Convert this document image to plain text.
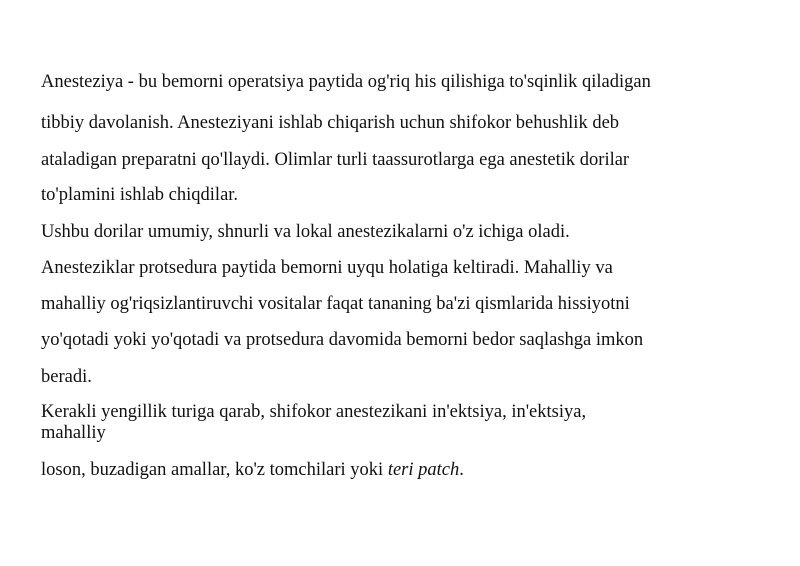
Anesteziya - bu bemorni operatsiya paytida og'riq his qilishiga to'sqinlik qiladigan
tibbiy davolanish. Anesteziyani ishlab chiqarish uchun shifokor behushlik deb
ataladigan preparatni qo'llaydi. Olimlar turli taassurotlarga ega anestetik dorilar
to'plamini ishlab chiqdilar.
Ushbu dorilar umumiy, shnurli va lokal anestezikalarni o'z ichiga oladi.
Anesteziklar protsedura paytida bemorni uyqu holatiga keltiradi. Mahalliy va
mahalliy og'riqsizlantiruvchi vositalar faqat tananing ba'zi qismlarida hissiyotni
yo'qotadi yoki yo'qotadi va protsedura davomida bemorni bedor saqlashga imkon
beradi.
Kerakli yengillik turiga qarab, shifokor anestezikani in'ektsiya, in'ektsiya,
mahalliy
loson, buzadigan amallar, ko'z tomchilari yoki teri patch.
